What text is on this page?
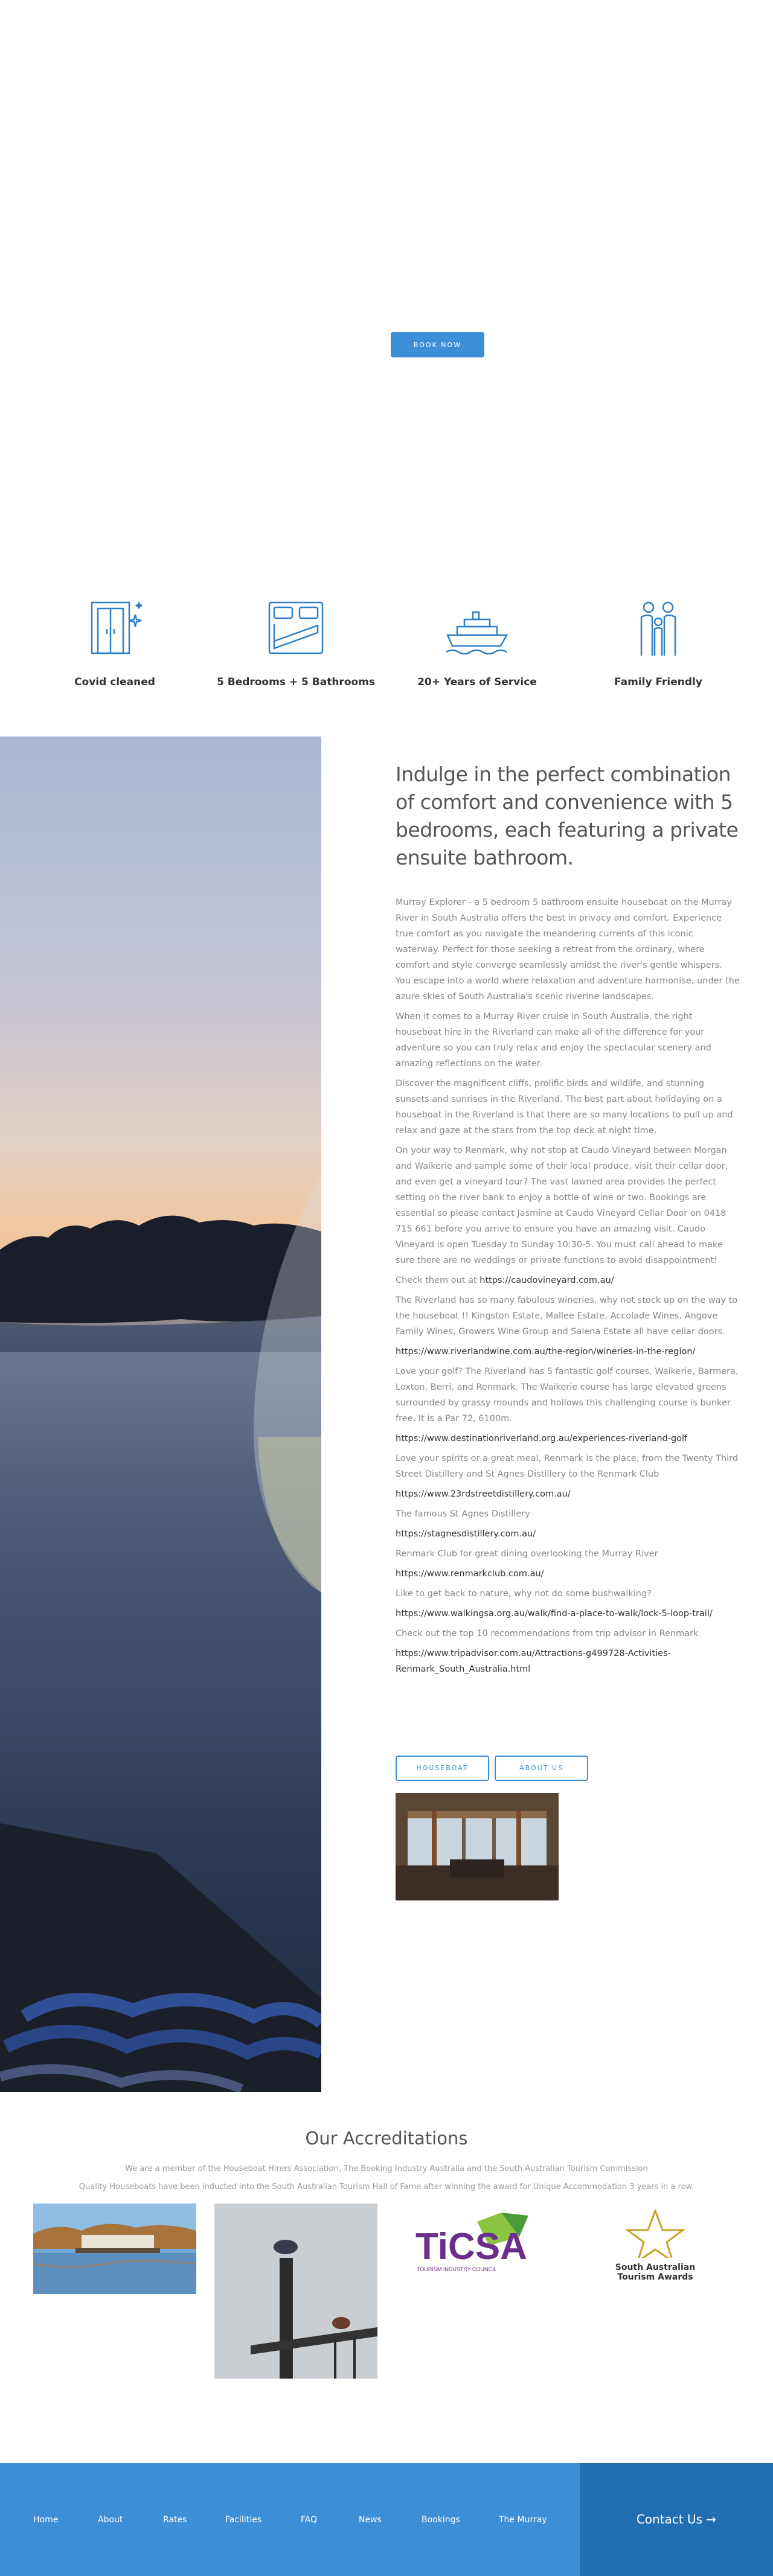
BOOK NOW
Covid cleaned	5 Bedrooms + 5 Bathrooms	20+ Years of Service	Family Friendly
Indulge in the perfect combination of comfort and convenience with 5 bedrooms, each featuring a private ensuite bathroom.

Murray Explorer - a 5 bedroom 5 bathroom ensuite houseboat on the Murray River in South Australia offers the best in privacy and comfort. Experience true comfort as you navigate the meandering currents of this iconic waterway. Perfect for those seeking a retreat from the ordinary, where comfort and style converge seamlessly amidst the river's gentle whispers. You escape into a world where relaxation and adventure harmonise, under the azure skies of South Australia's scenic riverine landscapes.

When it comes to a Murray River cruise in South Australia, the right houseboat hire in the Riverland can make all of the difference for your adventure so you can truly relax and enjoy the spectacular scenery and amazing reflections on the water.

Discover the magnificent cliffs, prolific birds and wildlife, and stunning sunsets and sunrises in the Riverland. The best part about holidaying on a houseboat in the Riverland is that there are so many locations to pull up and relax and gaze at the stars from the top deck at night time.

On your way to Renmark, why not stop at Caudo Vineyard between Morgan and Waikerie and sample some of their local produce, visit their cellar door, and even get a vineyard tour? The vast lawned area provides the perfect setting on the river bank to enjoy a bottle of wine or two. Bookings are essential so please contact Jasmine at Caudo Vineyard Cellar Door on 0418 715 661 before you arrive to ensure you have an amazing visit. Caudo Vineyard is open Tuesday to Sunday 10:30-5. You must call ahead to make sure there are no weddings or private functions to avoid disappointment!

Check them out at https://caudovineyard.com.au/

The Riverland has so many fabulous wineries, why not stock up on the way to the houseboat !! Kingston Estate, Mallee Estate, Accolade Wines, Angove Family Wines, Growers Wine Group and Salena Estate all have cellar doors.

https://www.riverlandwine.com.au/the-region/wineries-in-the-region/

Love your golf? The Riverland has 5 fantastic golf courses, Waikerie, Barmera, Loxton, Berri, and Renmark. The Waikerie course has large elevated greens surrounded by grassy mounds and hollows this challenging course is bunker free. It is a Par 72, 6100m.

https://www.destinationriverland.org.au/experiences-riverland-golf

Love your spirits or a great meal, Renmark is the place, from the Twenty Third Street Distillery and St Agnes Distillery to the Renmark Club

https://www.23rdstreetdistillery.com.au/

The famous St Agnes Distillery

https://stagnesdistillery.com.au/

Renmark Club for great dining overlooking the Murray River

https://www.renmarkclub.com.au/

Like to get back to nature, why not do some bushwalking?

https://www.walkingsa.org.au/walk/find-a-place-to-walk/lock-5-loop-trail/

Check out the top 10 recommendations from trip advisor in Renmark

https://www.tripadvisor.com.au/Attractions-g499728-Activities-Renmark_South_Australia.html

HOUSEBOAT	ABOUT US
Our Accreditations
We are a member of the Houseboat Hirers Association, The Booking Industry Australia and the South Australian Tourism Commission
Quality Houseboats have been inducted into the South Australian Tourism Hall of Fame after winning the award for Unique Accommodation 3 years in a row.
TiCSA
TOURISM INDUSTRY COUNCIL	South Australian
Tourism Awards
Home	About	Rates	Facilities	FAQ	News	Bookings	The Murray	Contact Us →
